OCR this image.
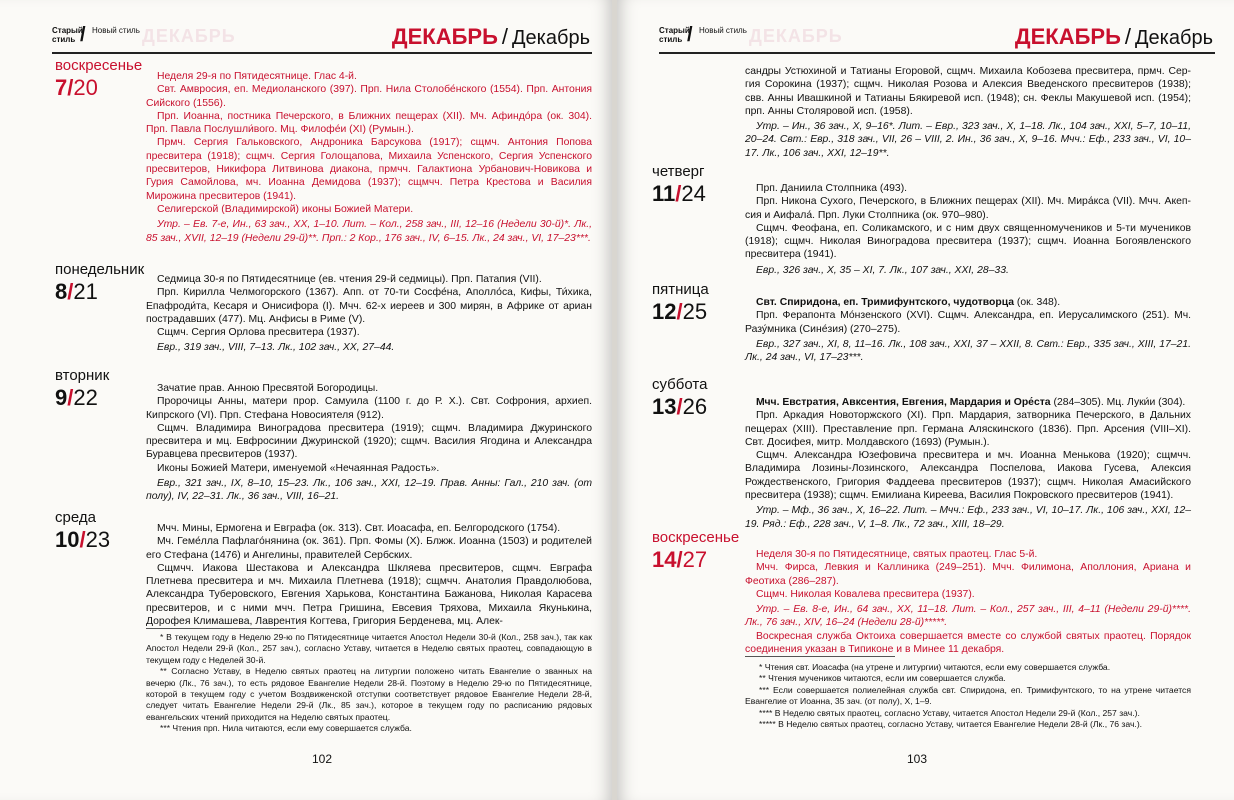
Старый стиль / Новый стиль ДЕКАБРЬ	ДЕКАБРЬ / Декабрь
воскресенье
7/20	Неделя 29-я по Пятидесятнице. Глас 4-й.

Свт. Амвросия, еп. Медиоланского (397). Прп. Нила Столобе́нского (1554). Прп. Антония Сийского (1556).

Прп. Иоанна, постника Печерского, в Ближних пещерах (XII). Мч. Афиндо́ра (ок. 304). Прп. Павла Послушли́вого. Мц. Филофе́и (XI) (Румын.).

Прмч. Сергия Гальковского, Андроника Барсукова (1917); сщмч. Антония Попова пресвитера (1918); сщмч. Сергия Голощапова, Михаила Успенского, Сергия Успенского пресвитеров, Никифора Литвинова диакона, прмчч. Галактиона Урбанович-Новикова и Гурия Самойлова, мч. Иоанна Демидова (1937); сщмчч. Петра Крестова и Василия Мирожина пресвитеров (1941).

Селигерской (Владимирской) иконы Божией Матери.

Утр. – Ев. 7-е, Ин., 63 зач., XX, 1–10. Лит. – Кол., 258 зач., III, 12–16 (Недели 30-й)*. Лк., 85 зач., XVII, 12–19 (Недели 29-й)**. Прп.: 2 Кор., 176 зач., IV, 6–15. Лк., 24 зач., VI, 17–23***.

понедельник
8/21	Седмица 30-я по Пятидесятнице (ев. чтения 29-й седмицы). Прп. Патапия (VII).

Прп. Кирилла Челмогорского (1367). Апп. от 70-ти Сосфе́на, Аполло́са, Кифы, Ти́хика, Епафроди́та, Кесаря и Онисифора (I). Мчч. 62-х иереев и 300 мирян, в Африке от ариан пострадавших (477). Мц. Анфисы в Риме (V).

Сщмч. Сергия Орлова пресвитера (1937).

Евр., 319 зач., VIII, 7–13. Лк., 102 зач., XX, 27–44.

вторник
9/22	Зачатие прав. Анною Пресвятой Богородицы.

Пророчицы Анны, матери прор. Самуила (1100 г. до Р. Х.). Свт. Софрония, архиеп. Кипрского (VI). Прп. Стефана Новосиятеля (912).

Сщмч. Владимира Виноградова пресвитера (1919); сщмч. Владимира Джуринского пресвитера и мц. Евфросинии Джуринской (1920); сщмч. Василия Ягодина и Александра Буравцева пресвитеров (1937).

Иконы Божией Матери, именуемой «Нечаянная Радость».

Евр., 321 зач., IX, 8–10, 15–23. Лк., 106 зач., XXI, 12–19. Прав. Анны: Гал., 210 зач. (от полу), IV, 22–31. Лк., 36 зач., VIII, 16–21.

среда
10/23	Мчч. Мины, Ермогена и Евграфа (ок. 313). Свт. Иоасафа, еп. Белгородского (1754).

Мч. Геме́лла Пафлаго́нянина (ок. 361). Прп. Фомы (X). Блжж. Иоанна (1503) и родителей его Стефана (1476) и Ангелины, правителей Сербских.

Сщмчч. Иакова Шестакова и Александра Шкляева пресвитеров, сщмч. Евграфа Плетнева пресвитера и мч. Михаила Плетнева (1918); сщмчч. Анатолия Правдолюбова, Александра Туберовского, Евгения Харькова, Константина Бажанова, Николая Карасева пресвитеров, и с ними мчч. Петра Гришина, Евсевия Тряхова, Михаила Якунькина, Дорофея Климашева, Лаврентия Когтева, Григория Берденева, мц. Алек-

* В текущем году в Неделю 29-ю по Пятидесятнице читается Апостол Недели 30-й (Кол., 258 зач.), так как Апостол Недели 29-й (Кол., 257 зач.), согласно Уставу, читается в Неделю святых праотец, совпадающую в текущем году с Неделей 30-й.

** Согласно Уставу, в Неделю святых праотец на литургии положено читать Евангелие о званных на вечерю (Лк., 76 зач.), то есть рядовое Евангелие Недели 28-й. Поэтому в Неделю 29-ю по Пятидесятнице, которой в текущем году с учетом Воздвиженской отступки соответствует рядовое Евангелие Недели 28-й, следует читать Евангелие Недели 29-й (Лк., 85 зач.), которое в текущем году по расписанию рядовых евангельских чтений приходится на Неделю святых праотец.

*** Чтения прп. Нила читаются, если ему совершается служба.

102
Старый стиль / Новый стиль ДЕКАБРЬ	ДЕКАБРЬ / Декабрь

сандры Устюхиной и Татианы Егоровой, сщмч. Михаила Кобозева пресвитера, прмч. Сергия Сорокина (1937); сщмч. Николая Розова и Алексия Введенского пресвитеров (1938); свв. Анны Ивашкиной и Татианы Бякиревой исп. (1948); сн. Феклы Макушевой исп. (1954); прп. Анны Столяровой исп. (1958).

Утр. – Ин., 36 зач., X, 9–16*. Лит. – Евр., 323 зач., X, 1–18. Лк., 104 зач., XXI, 5–7, 10–11, 20–24. Свт.: Евр., 318 зач., VII, 26 – VIII, 2. Ин., 36 зач., X, 9–16. Мчч.: Еф., 233 зач., VI, 10–17. Лк., 106 зач., XXI, 12–19**.

четверг
11/24	Прп. Даниила Столпника (493).

Прп. Никона Сухого, Печерского, в Ближних пещерах (XII). Мч. Мира́кса (VII). Мчч. Акепсия и Аифала́. Прп. Луки Столпника (ок. 970–980).

Сщмч. Феофана, еп. Соликамского, и с ним двух священномучеников и 5-ти мучеников (1918); сщмч. Николая Виноградова пресвитера (1937); сщмч. Иоанна Богоявленского пресвитера (1941).

Евр., 326 зач., X, 35 – XI, 7. Лк., 107 зач., XXI, 28–33.

пятница
12/25	Свт. Спиридона, еп. Тримифунтского, чудотворца (ок. 348).

Прп. Ферапонта Мо́нзенского (XVI). Сщмч. Александра, еп. Иерусалимского (251). Мч. Разу́мника (Сине́зия) (270–275).

Евр., 327 зач., XI, 8, 11–16. Лк., 108 зач., XXI, 37 – XXII, 8. Свт.: Евр., 335 зач., XIII, 17–21. Лк., 24 зач., VI, 17–23***.

суббота
13/26	Мчч. Евстратия, Авксентия, Евгения, Мардария и Оре́ста (284–305). Мц. Луки́и (304).

Прп. Аркадия Новоторжского (XI). Прп. Мардария, затворника Печерского, в Дальних пещерах (XIII). Преставление прп. Германа Аляскинского (1836). Прп. Арсения (VIII–XI). Свт. Досифея, митр. Молдавского (1693) (Румын.).

Сщмч. Александра Юзефовича пресвитера и мч. Иоанна Менькова (1920); сщмчч. Владимира Лозины-Лозинского, Александра Поспелова, Иакова Гусева, Алексия Рождественского, Григория Фаддеева пресвитеров (1937); сщмч. Николая Амасийского пресвитера (1938); сщмч. Емилиана Киреева, Василия Покровского пресвитеров (1941).

Утр. – Мф., 36 зач., X, 16–22. Лит. – Мчч.: Еф., 233 зач., VI, 10–17. Лк., 106 зач., XXI, 12–19. Ряд.: Еф., 228 зач., V, 1–8. Лк., 72 зач., XIII, 18–29.

воскресенье
14/27	Неделя 30-я по Пятидесятнице, святых праотец. Глас 5-й.

Мчч. Фирса, Левкия и Каллиника (249–251). Мчч. Филимона, Аполлония, Ариана и Феотиха (286–287).

Сщмч. Николая Ковалева пресвитера (1937).

Утр. – Ев. 8-е, Ин., 64 зач., XX, 11–18. Лит. – Кол., 257 зач., III, 4–11 (Недели 29-й)****. Лк., 76 зач., XIV, 16–24 (Недели 28-й)*****.

Воскресная служба Октоиха совершается вместе со службой святых праотец. Порядок соединения указан в Типиконе и в Минее 11 декабря.

* Чтения свт. Иоасафа (на утрене и литургии) читаются, если ему совершается служба.

** Чтения мучеников читаются, если им совершается служба.

*** Если совершается полиелейная служба свт. Спиридона, еп. Тримифунтского, то на утрене читается Евангелие от Иоанна, 35 зач. (от полу), X, 1–9.

**** В Неделю святых праотец, согласно Уставу, читается Апостол Недели 29-й (Кол., 257 зач.).

***** В Неделю святых праотец, согласно Уставу, читается Евангелие Недели 28-й (Лк., 76 зач.).

103
